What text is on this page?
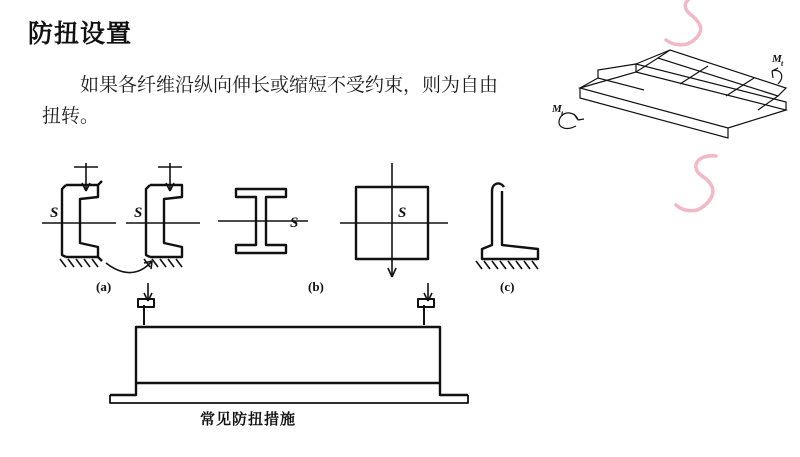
防扭设置
如果各纤维沿纵向伸长或缩短不受约束，则为自由扭转。	M t
M t
S	S
S
S
(a)	(b)	(c)
常见防扭措施
